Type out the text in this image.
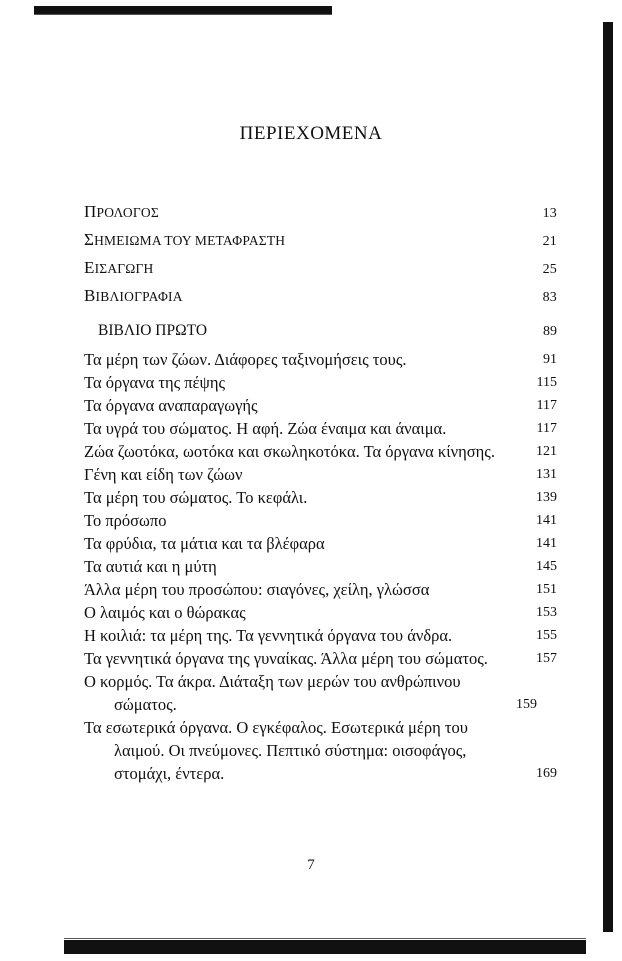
ΠΕΡΙΕΧΟΜΕΝΑ
ΠΡΟΛΟΓΟΣ	13
ΣΗΜΕΙΩΜΑ ΤΟΥ ΜΕΤΑΦΡΑΣΤΗ	21
ΕΙΣΑΓΩΓΗ	25
ΒΙΒΛΙΟΓΡΑΦΙΑ	83
ΒΙΒΛΙΟ ΠΡΩΤΟ	89
Τα μέρη των ζώων. Διάφορες ταξινομήσεις τους.	91
Τα όργανα της πέψης	115
Τα όργανα αναπαραγωγής	117
Τα υγρά του σώματος. Η αφή. Ζώα έναιμα και άναιμα.	117
Ζώα ζωοτόκα, ωοτόκα και σκωληκοτόκα. Τα όργανα κίνησης.	121
Γένη και είδη των ζώων	131
Τα μέρη του σώματος. Το κεφάλι.	139
Το πρόσωπο	141
Τα φρύδια, τα μάτια και τα βλέφαρα	141
Τα αυτιά και η μύτη	145
Άλλα μέρη του προσώπου: σιαγόνες, χείλη, γλώσσα	151
Ο λαιμός και ο θώρακας	153
Η κοιλιά: τα μέρη της. Τα γεννητικά όργανα του άνδρα.	155
Τα γεννητικά όργανα της γυναίκας. Άλλα μέρη του σώματος.	157
Ο κορμός. Τα άκρα. Διάταξη των μερών του ανθρώπινου σώματος.	159
Τα εσωτερικά όργανα. Ο εγκέφαλος. Εσωτερικά μέρη του λαιμού. Οι πνεύμονες. Πεπτικό σύστημα: οισοφάγος, στομάχι, έντερα.	169
7
